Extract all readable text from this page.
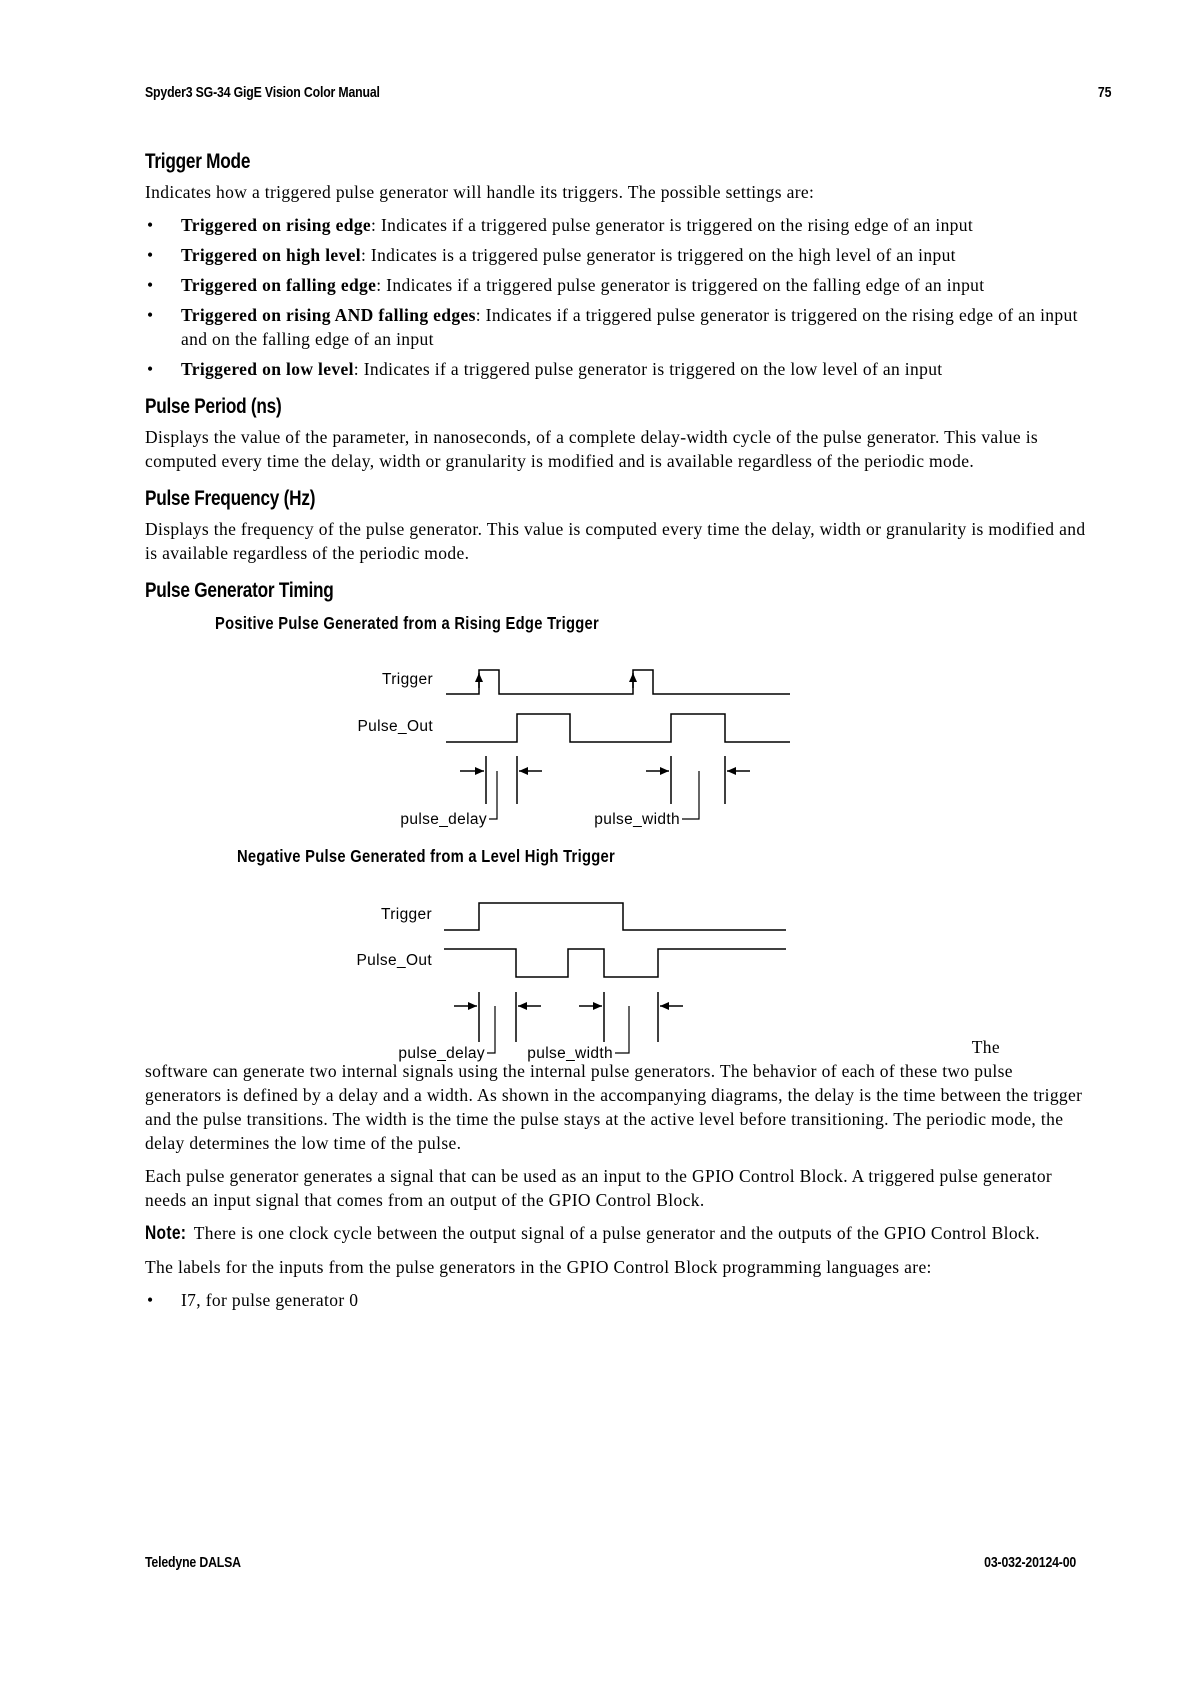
Spyder3 SG-34 GigE Vision Color Manual	75
Trigger Mode

Indicates how a triggered pulse generator will handle its triggers. The possible settings are:

• Triggered on rising edge: Indicates if a triggered pulse generator is triggered on the rising edge of an input
• Triggered on high level: Indicates is a triggered pulse generator is triggered on the high level of an input
• Triggered on falling edge: Indicates if a triggered pulse generator is triggered on the falling edge of an input
• Triggered on rising AND falling edges: Indicates if a triggered pulse generator is triggered on the rising edge of an input and on the falling edge of an input
• Triggered on low level: Indicates if a triggered pulse generator is triggered on the low level of an input
Pulse Period (ns)

Displays the value of the parameter, in nanoseconds, of a complete delay-width cycle of the pulse generator. This value is computed every time the delay, width or granularity is modified and is available regardless of the periodic mode.

Pulse Frequency (Hz)

Displays the frequency of the pulse generator. This value is computed every time the delay, width or granularity is modified and is available regardless of the periodic mode.

Pulse Generator Timing
Positive Pulse Generated from a Rising Edge Trigger
Trigger
Pulse_Out
pulse_delay	pulse_width
Negative Pulse Generated from a Level High Trigger
Trigger
Pulse_Out
pulse_delay	pulse_width	The

software can generate two internal signals using the internal pulse generators. The behavior of each of these two pulse generators is defined by a delay and a width. As shown in the accompanying diagrams, the delay is the time between the trigger and the pulse transitions. The width is the time the pulse stays at the active level before transitioning. The periodic mode, the delay determines the low time of the pulse.

Each pulse generator generates a signal that can be used as an input to the GPIO Control Block. A triggered pulse generator needs an input signal that comes from an output of the GPIO Control Block.

Note: There is one clock cycle between the output signal of a pulse generator and the outputs of the GPIO Control Block.

The labels for the inputs from the pulse generators in the GPIO Control Block programming languages are:

• I7, for pulse generator 0
Teledyne DALSA	03-032-20124-00
